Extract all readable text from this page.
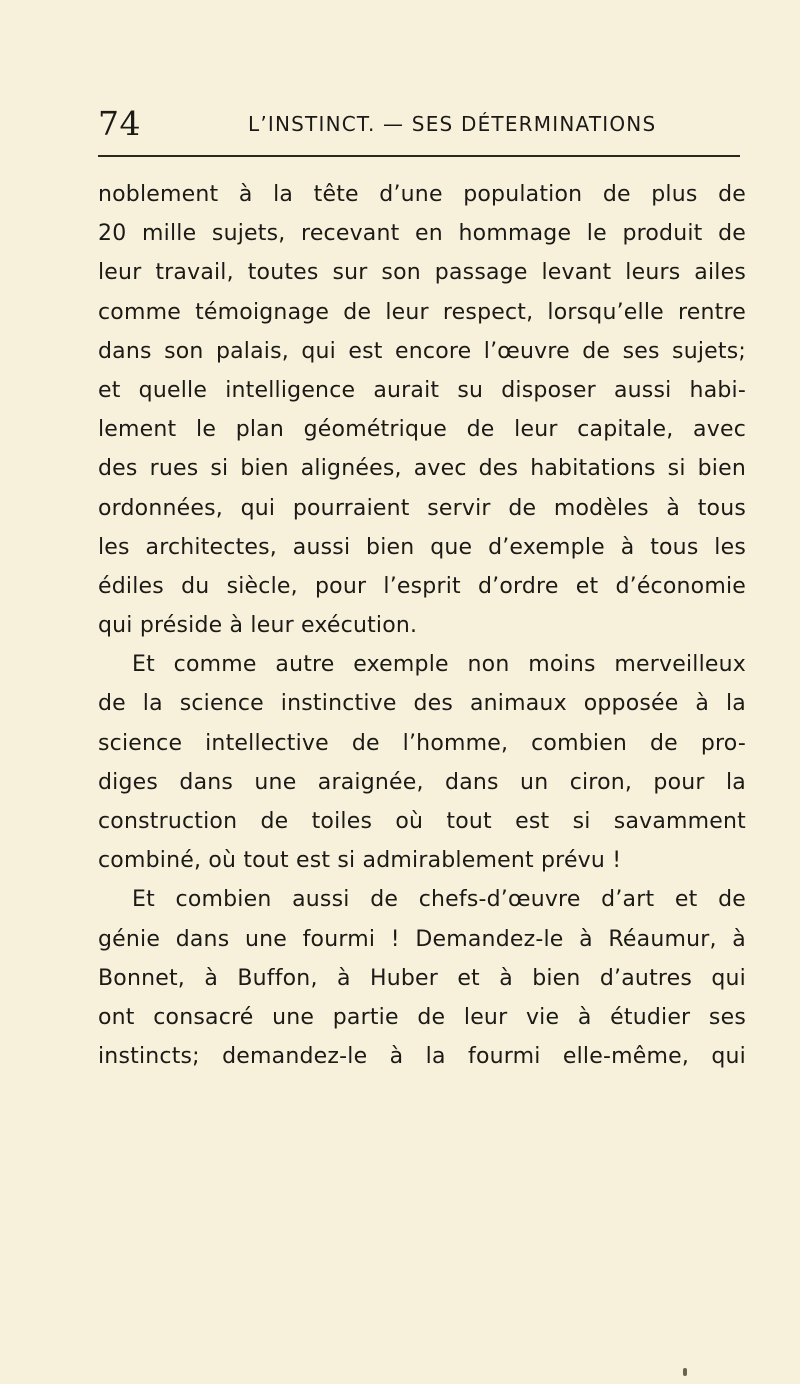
74	L’INSTINCT. — SES DÉTERMINATIONS
noblement à la tête d’une population de plus de
20 mille sujets, recevant en hommage le produit de
leur travail, toutes sur son passage levant leurs ailes
comme témoignage de leur respect, lorsqu’elle rentre
dans son palais, qui est encore l’œuvre de ses sujets;
et quelle intelligence aurait su disposer aussi habi-
lement le plan géométrique de leur capitale, avec
des rues si bien alignées, avec des habitations si bien
ordonnées, qui pourraient servir de modèles à tous
les architectes, aussi bien que d’exemple à tous les
édiles du siècle, pour l’esprit d’ordre et d’économie
qui préside à leur exécution.
Et comme autre exemple non moins merveilleux
de la science instinctive des animaux opposée à la
science intellective de l’homme, combien de pro-
diges dans une araignée, dans un ciron, pour la
construction de toiles où tout est si savamment
combiné, où tout est si admirablement prévu !
Et combien aussi de chefs-d’œuvre d’art et de
génie dans une fourmi ! Demandez-le à Réaumur, à
Bonnet, à Buffon, à Huber et à bien d’autres qui
ont consacré une partie de leur vie à étudier ses
instincts; demandez-le à la fourmi elle-même, qui
